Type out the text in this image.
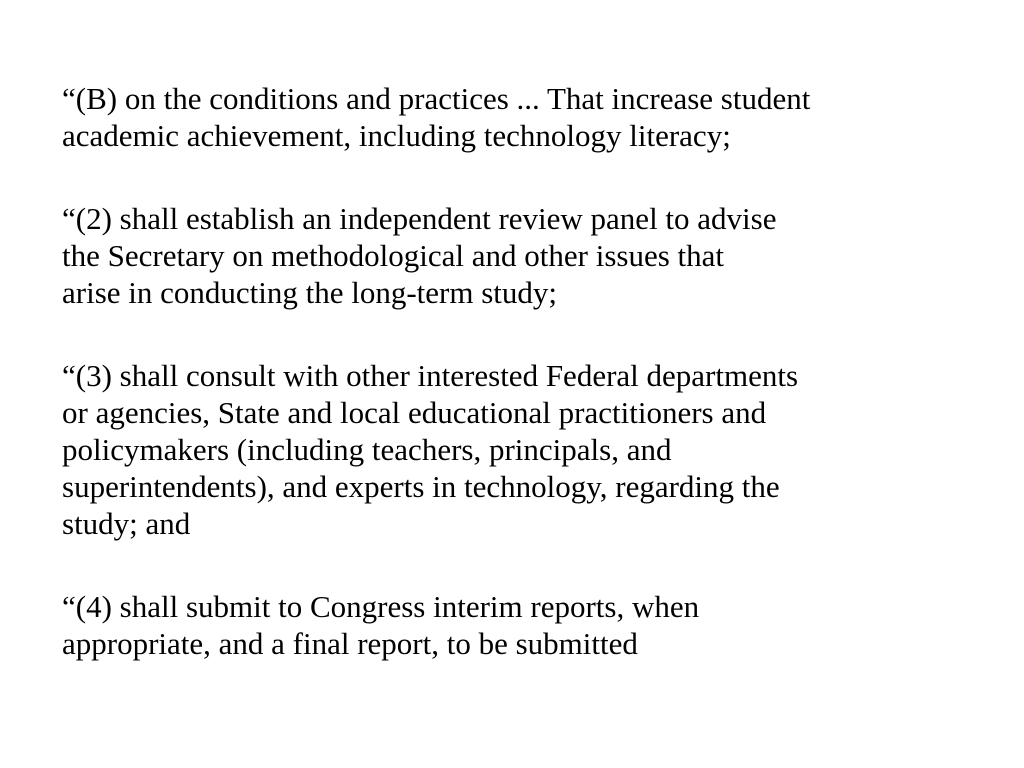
“(B) on the conditions and practices ... That increase student
academic achievement, including technology literacy;

“(2) shall establish an independent review panel to advise
the Secretary on methodological and other issues that
arise in conducting the long-term study;

“(3) shall consult with other interested Federal departments
or agencies, State and local educational practitioners and
policymakers (including teachers, principals, and
superintendents), and experts in technology, regarding the
study; and

“(4) shall submit to Congress interim reports, when
appropriate, and a final report, to be submitted
